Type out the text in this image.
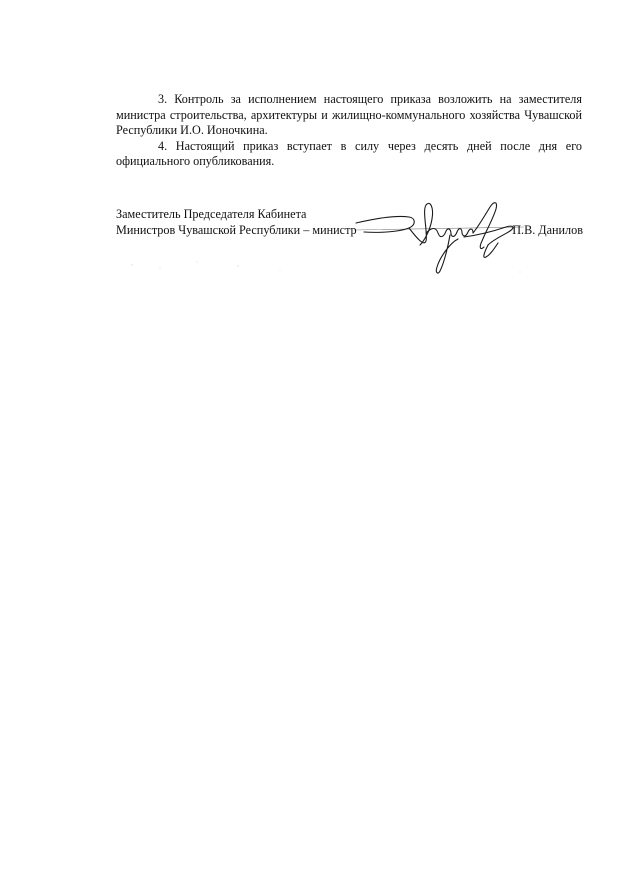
3. Контроль за исполнением настоящего приказа возложить на заместителя министра строительства, архитектуры и жилищно-коммунального хозяйства Чувашской Республики И.О. Ионочкина.

4. Настоящий приказ вступает в силу через десять дней после дня его официального опубликования.

Заместитель Председателя Кабинета
Министров Чувашской Республики – министр	П.В. Данилов
